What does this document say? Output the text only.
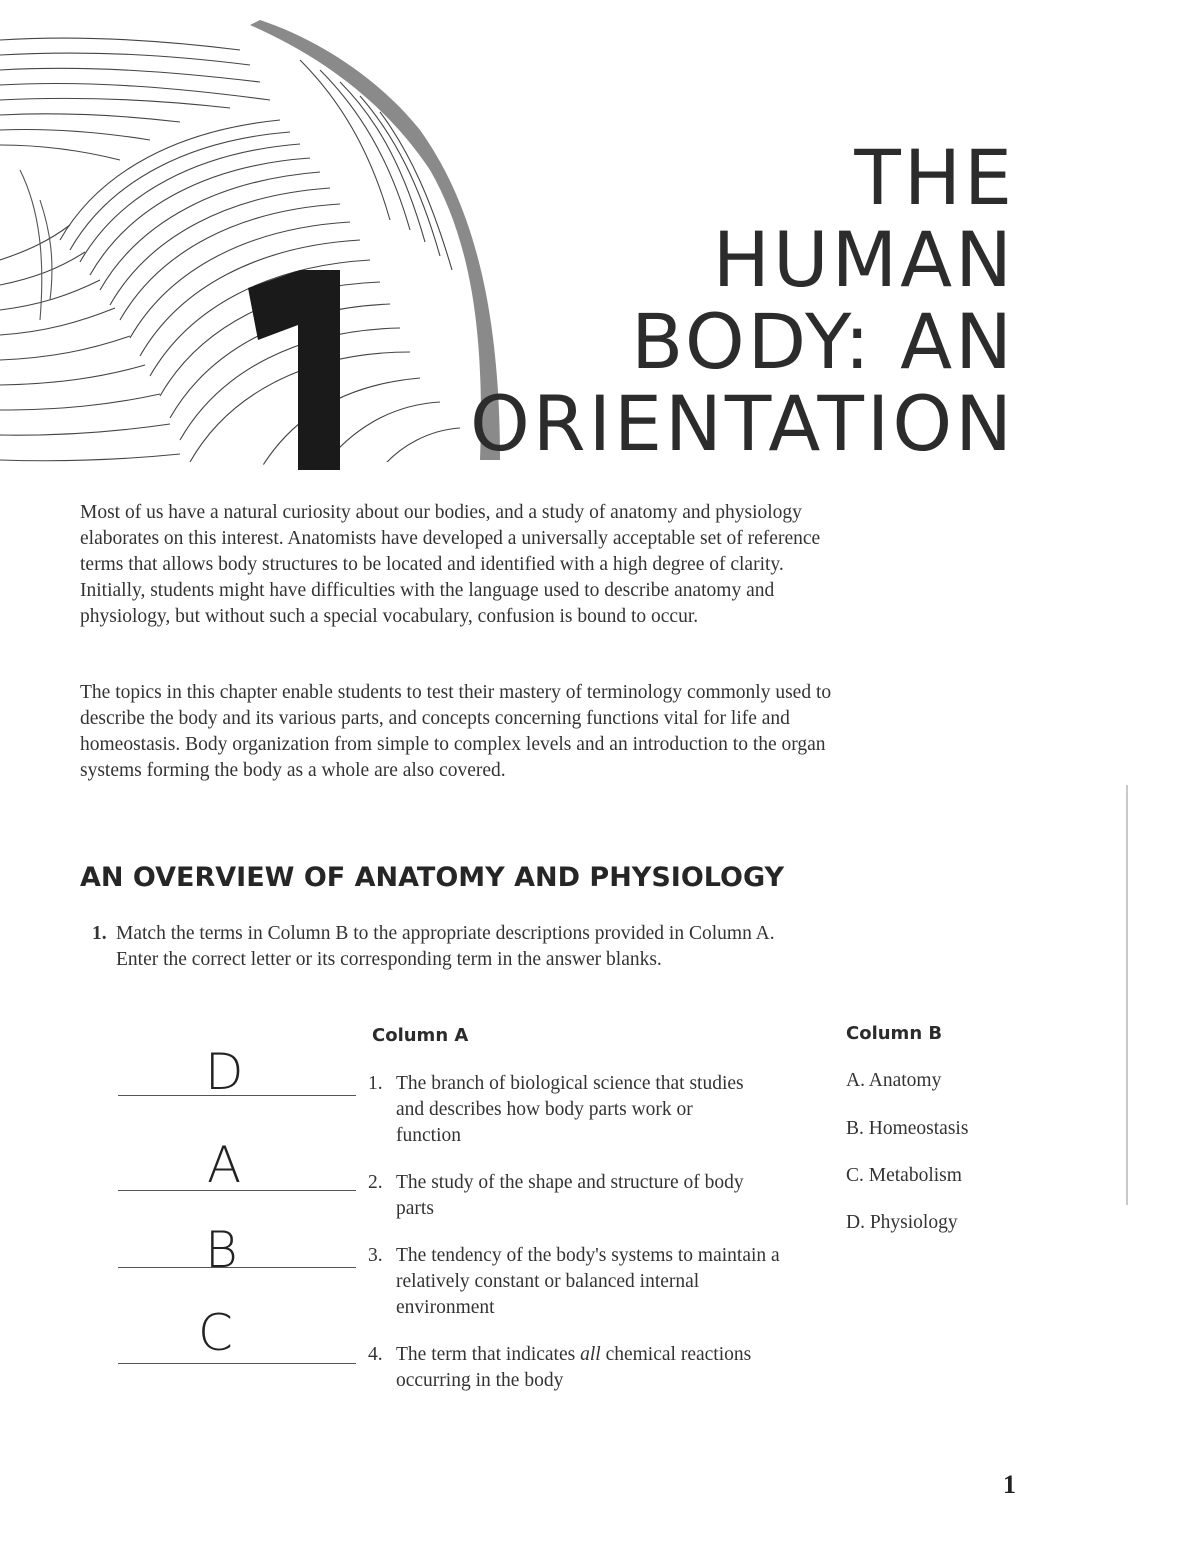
THE
HUMAN
BODY: AN
ORIENTATION

Most of us have a natural curiosity about our bodies, and a study of anatomy and physiology elaborates on this interest. Anatomists have developed a universally acceptable set of reference terms that allows body structures to be located and identified with a high degree of clarity. Initially, students might have difficulties with the language used to describe anatomy and physiology, but without such a special vocabulary, confusion is bound to occur.

The topics in this chapter enable students to test their mastery of terminology commonly used to describe the body and its various parts, and concepts concerning functions vital for life and homeostasis. Body organization from simple to complex levels and an introduction to the organ systems forming the body as a whole are also covered.

AN OVERVIEW OF ANATOMY AND PHYSIOLOGY
1. Match the terms in Column B to the appropriate descriptions provided in Column A. Enter the correct letter or its corresponding term in the answer blanks.
Column A	Column B
D
A
B
C
1. The branch of biological science that studies and describes how body parts work or function
2. The study of the shape and structure of body parts
3. The tendency of the body's systems to maintain a relatively constant or balanced internal environment
4. The term that indicates all chemical reactions occurring in the body
A. Anatomy
B. Homeostasis
C. Metabolism
D. Physiology
1
